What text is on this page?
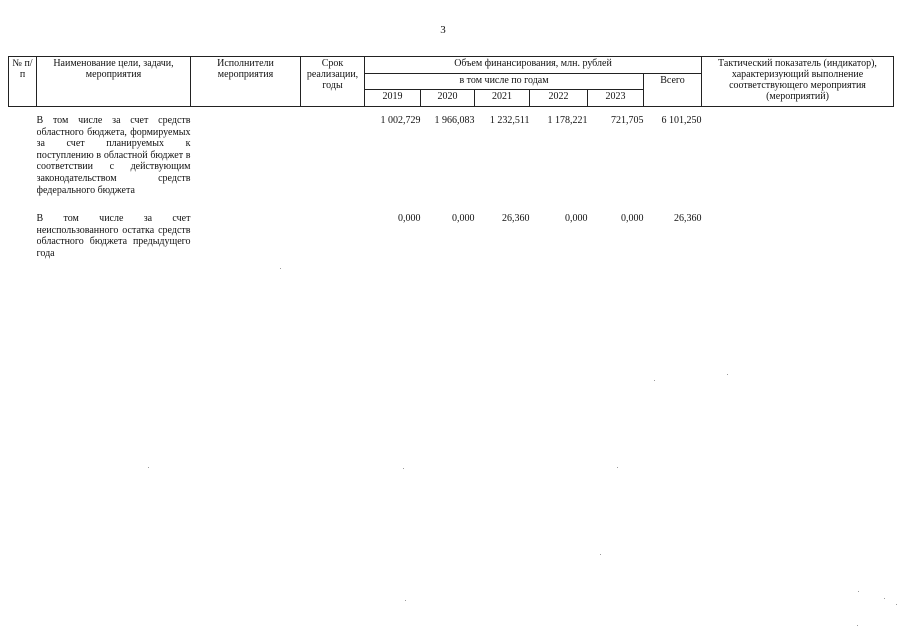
3
№ п/п	Наименование цели, задачи, мероприятия	Исполнители мероприятия	Срок реализации, годы	Объем финансирования, млн. рублей						Тактический показатель (индикатор), характеризующий выполнение соответствующего мероприятия (мероприятий)
				в том числе по годам					Всего	
				2019	2020	2021	2022	2023		

	В том числе за счет средств областного бюджета, формируемых за счет планируемых к поступлению в областной бюджет в соответствии с действующим законодательством средств федерального бюджета			1 002,729	1 966,083	1 232,511	1 178,221	721,705	6 101,250	
	В том числе за счет неиспользованного остатка средств областного бюджета предыдущего года			0,000	0,000	26,360	0,000	0,000	26,360	
